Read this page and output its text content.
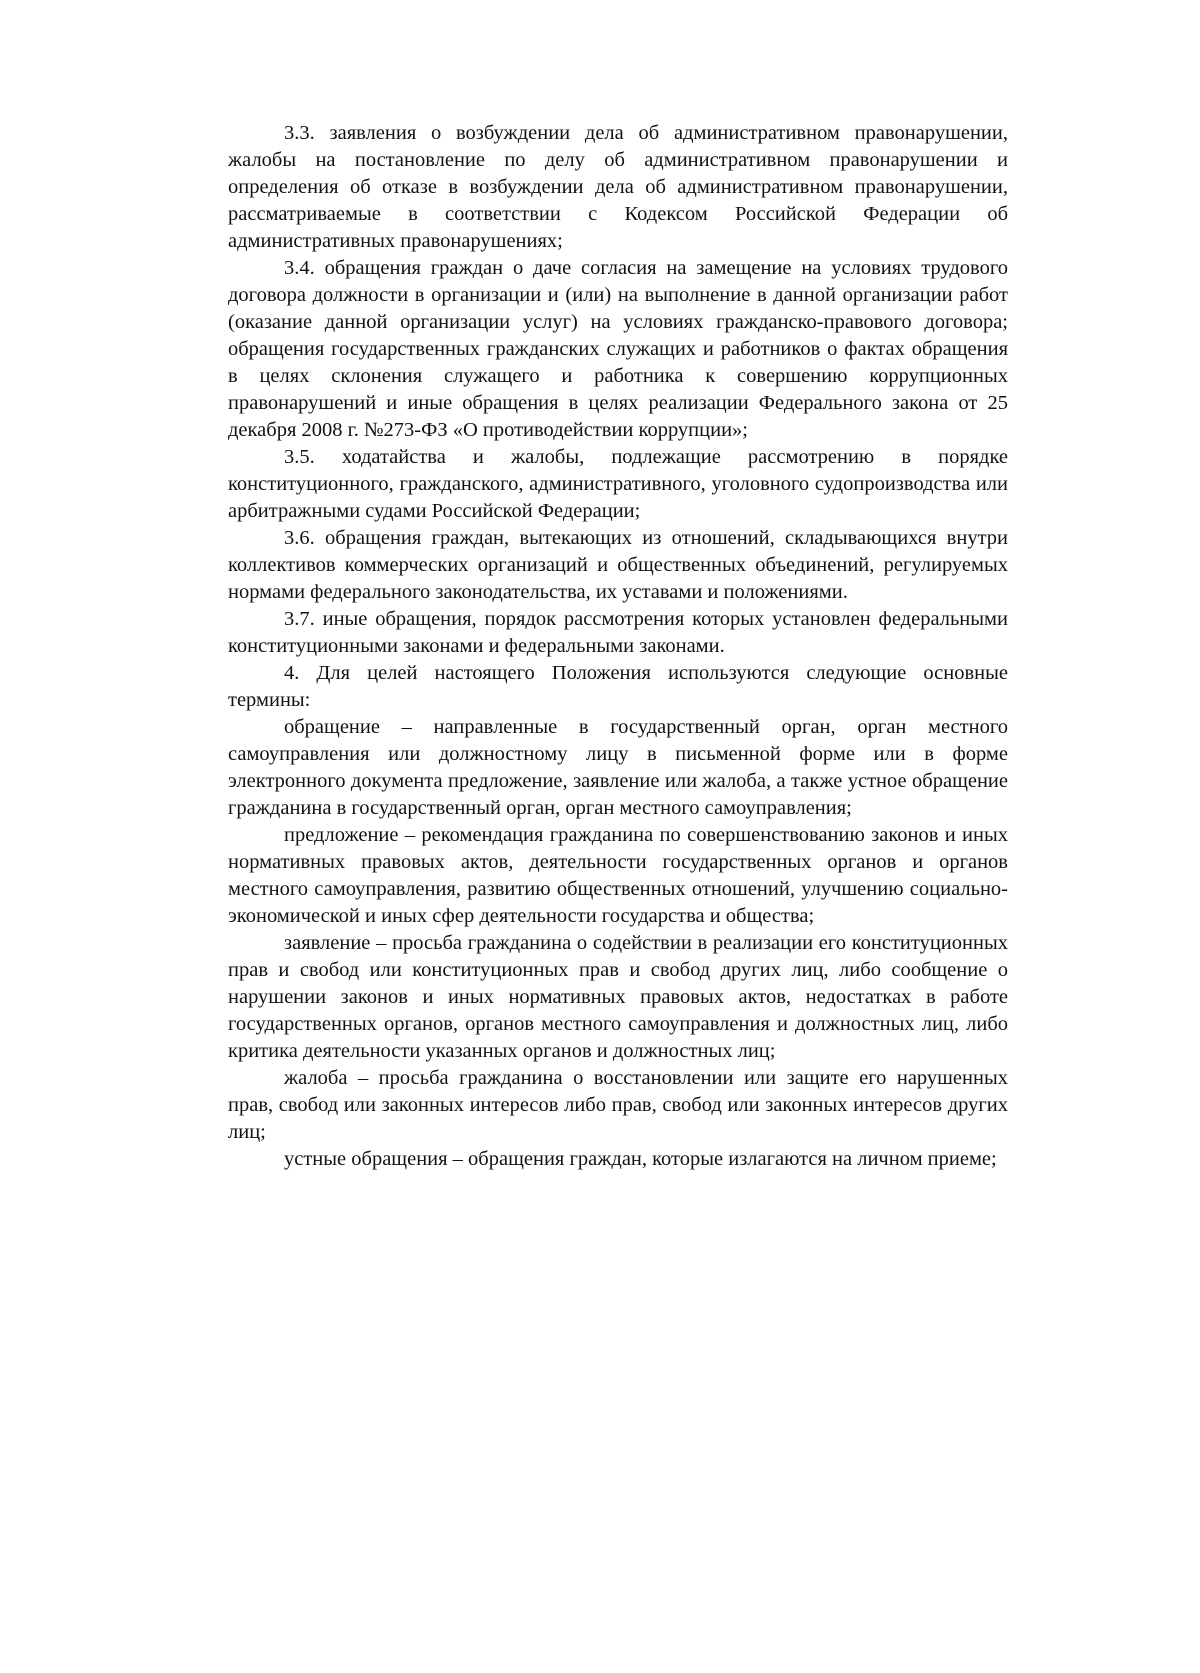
3.3. заявления о возбуждении дела об административном правонарушении, жалобы на постановление по делу об административном правонарушении и определения об отказе в возбуждении дела об административном правонарушении, рассматриваемые в соответствии с Кодексом Российской Федерации об административных правонарушениях;

3.4. обращения граждан о даче согласия на замещение на условиях трудового договора должности в организации и (или) на выполнение в данной организации работ (оказание данной организации услуг) на условиях гражданско-правового договора; обращения государственных гражданских служащих и работников о фактах обращения в целях склонения служащего и работника к совершению коррупционных правонарушений и иные обращения в целях реализации Федерального закона от 25 декабря 2008 г. №273-ФЗ «О противодействии коррупции»;

3.5. ходатайства и жалобы, подлежащие рассмотрению в порядке конституционного, гражданского, административного, уголовного судопроизводства или арбитражными судами Российской Федерации;

3.6. обращения граждан, вытекающих из отношений, складывающихся внутри коллективов коммерческих организаций и общественных объединений, регулируемых нормами федерального законодательства, их уставами и положениями.

3.7. иные обращения, порядок рассмотрения которых установлен федеральными конституционными законами и федеральными законами.

4. Для целей настоящего Положения используются следующие основные термины:

обращение – направленные в государственный орган, орган местного самоуправления или должностному лицу в письменной форме или в форме электронного документа предложение, заявление или жалоба, а также устное обращение гражданина в государственный орган, орган местного самоуправления;

предложение – рекомендация гражданина по совершенствованию законов и иных нормативных правовых актов, деятельности государственных органов и органов местного самоуправления, развитию общественных отношений, улучшению социально-экономической и иных сфер деятельности государства и общества;

заявление – просьба гражданина о содействии в реализации его конституционных прав и свобод или конституционных прав и свобод других лиц, либо сообщение о нарушении законов и иных нормативных правовых актов, недостатках в работе государственных органов, органов местного самоуправления и должностных лиц, либо критика деятельности указанных органов и должностных лиц;

жалоба – просьба гражданина о восстановлении или защите его нарушенных прав, свобод или законных интересов либо прав, свобод или законных интересов других лиц;

устные обращения – обращения граждан, которые излагаются на личном приеме;
